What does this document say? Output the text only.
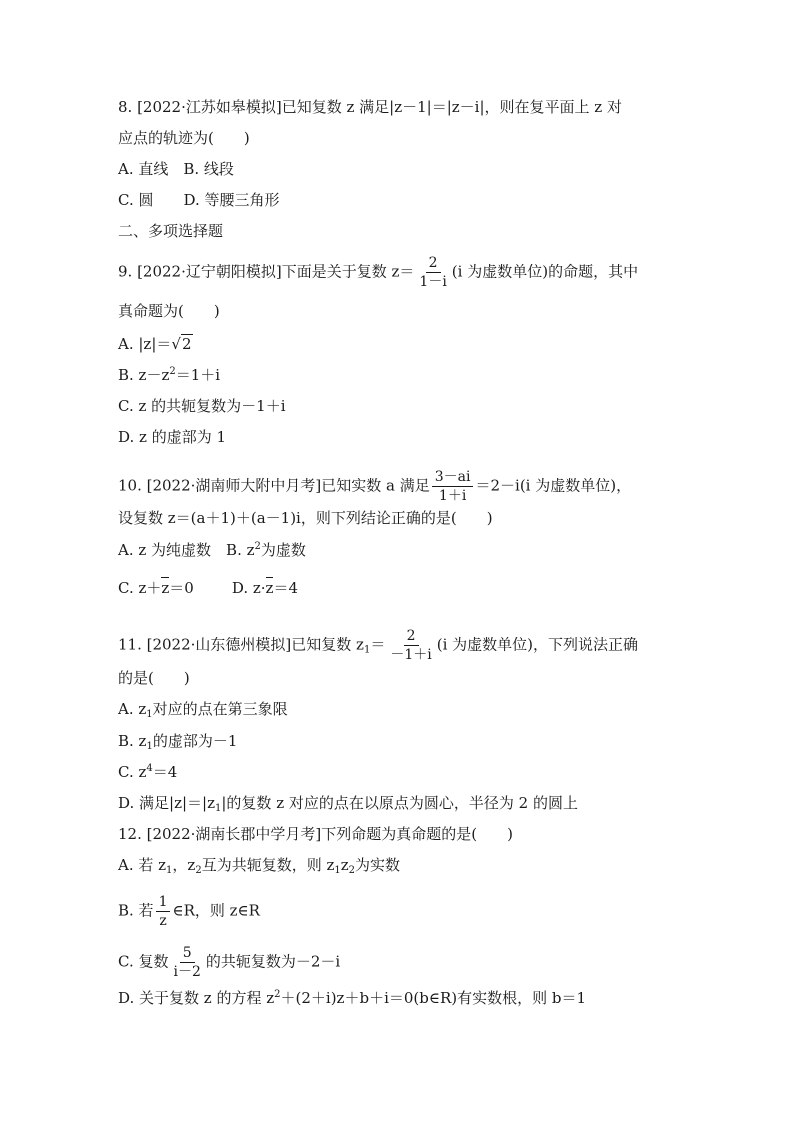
8. [2022·江苏如皋模拟]已知复数 z 满足|z－1|＝|z－i|，则在复平面上 z 对
应点的轨迹为(　　)
A. 直线　B. 线段
C. 圆　　D. 等腰三角形
二、多项选择题
9. [2022·辽宁朝阳模拟]下面是关于复数 $z= \frac{2}{1-i} (i$ 为虚数单位)的命题，其中
真命题为(　　)
A. |z|＝√2
B. $z-z^2=1+i$
C. z 的共轭复数为－1＋i
D. z 的虚部为 1
10. [2022·湖南师大附中月考]已知实数 a 满足 $\frac{3-ai}{1+i} =2-i(i$ 为虚数单位)，
设复数 z＝(a＋1)＋(a－1)i，则下列结论正确的是(　　)
A. z 为纯虚数　B. $z^2$为虚数
C. z＋z＝0	D. z·z＝4
11. [2022·山东德州模拟]已知复数 $z_1= \frac{2}{-1+i} (i$ 为虚数单位)，下列说法正确
的是(　　)
A. $z_1$对应的点在第三象限
B. $z_1$的虚部为－1
C. $z^4=4$
D. 满足$|z|=|z_1|$的复数 z 对应的点在以原点为圆心，半径为 2 的圆上
12. [2022·湖南长郡中学月考]下列命题为真命题的是(　　)
A. 若 $z_1$，$z_2$互为共轭复数，则 $z_1z_2$为实数
B. 若 $\frac{1}{z}$ ∈R，则 z∈R
C. 复数 $\frac{5}{i-2}$ 的共轭复数为－2－i
D. 关于复数 z 的方程 $z^2+(2+i)z+b+i=0(b\in R)$有实数根，则 b＝1
